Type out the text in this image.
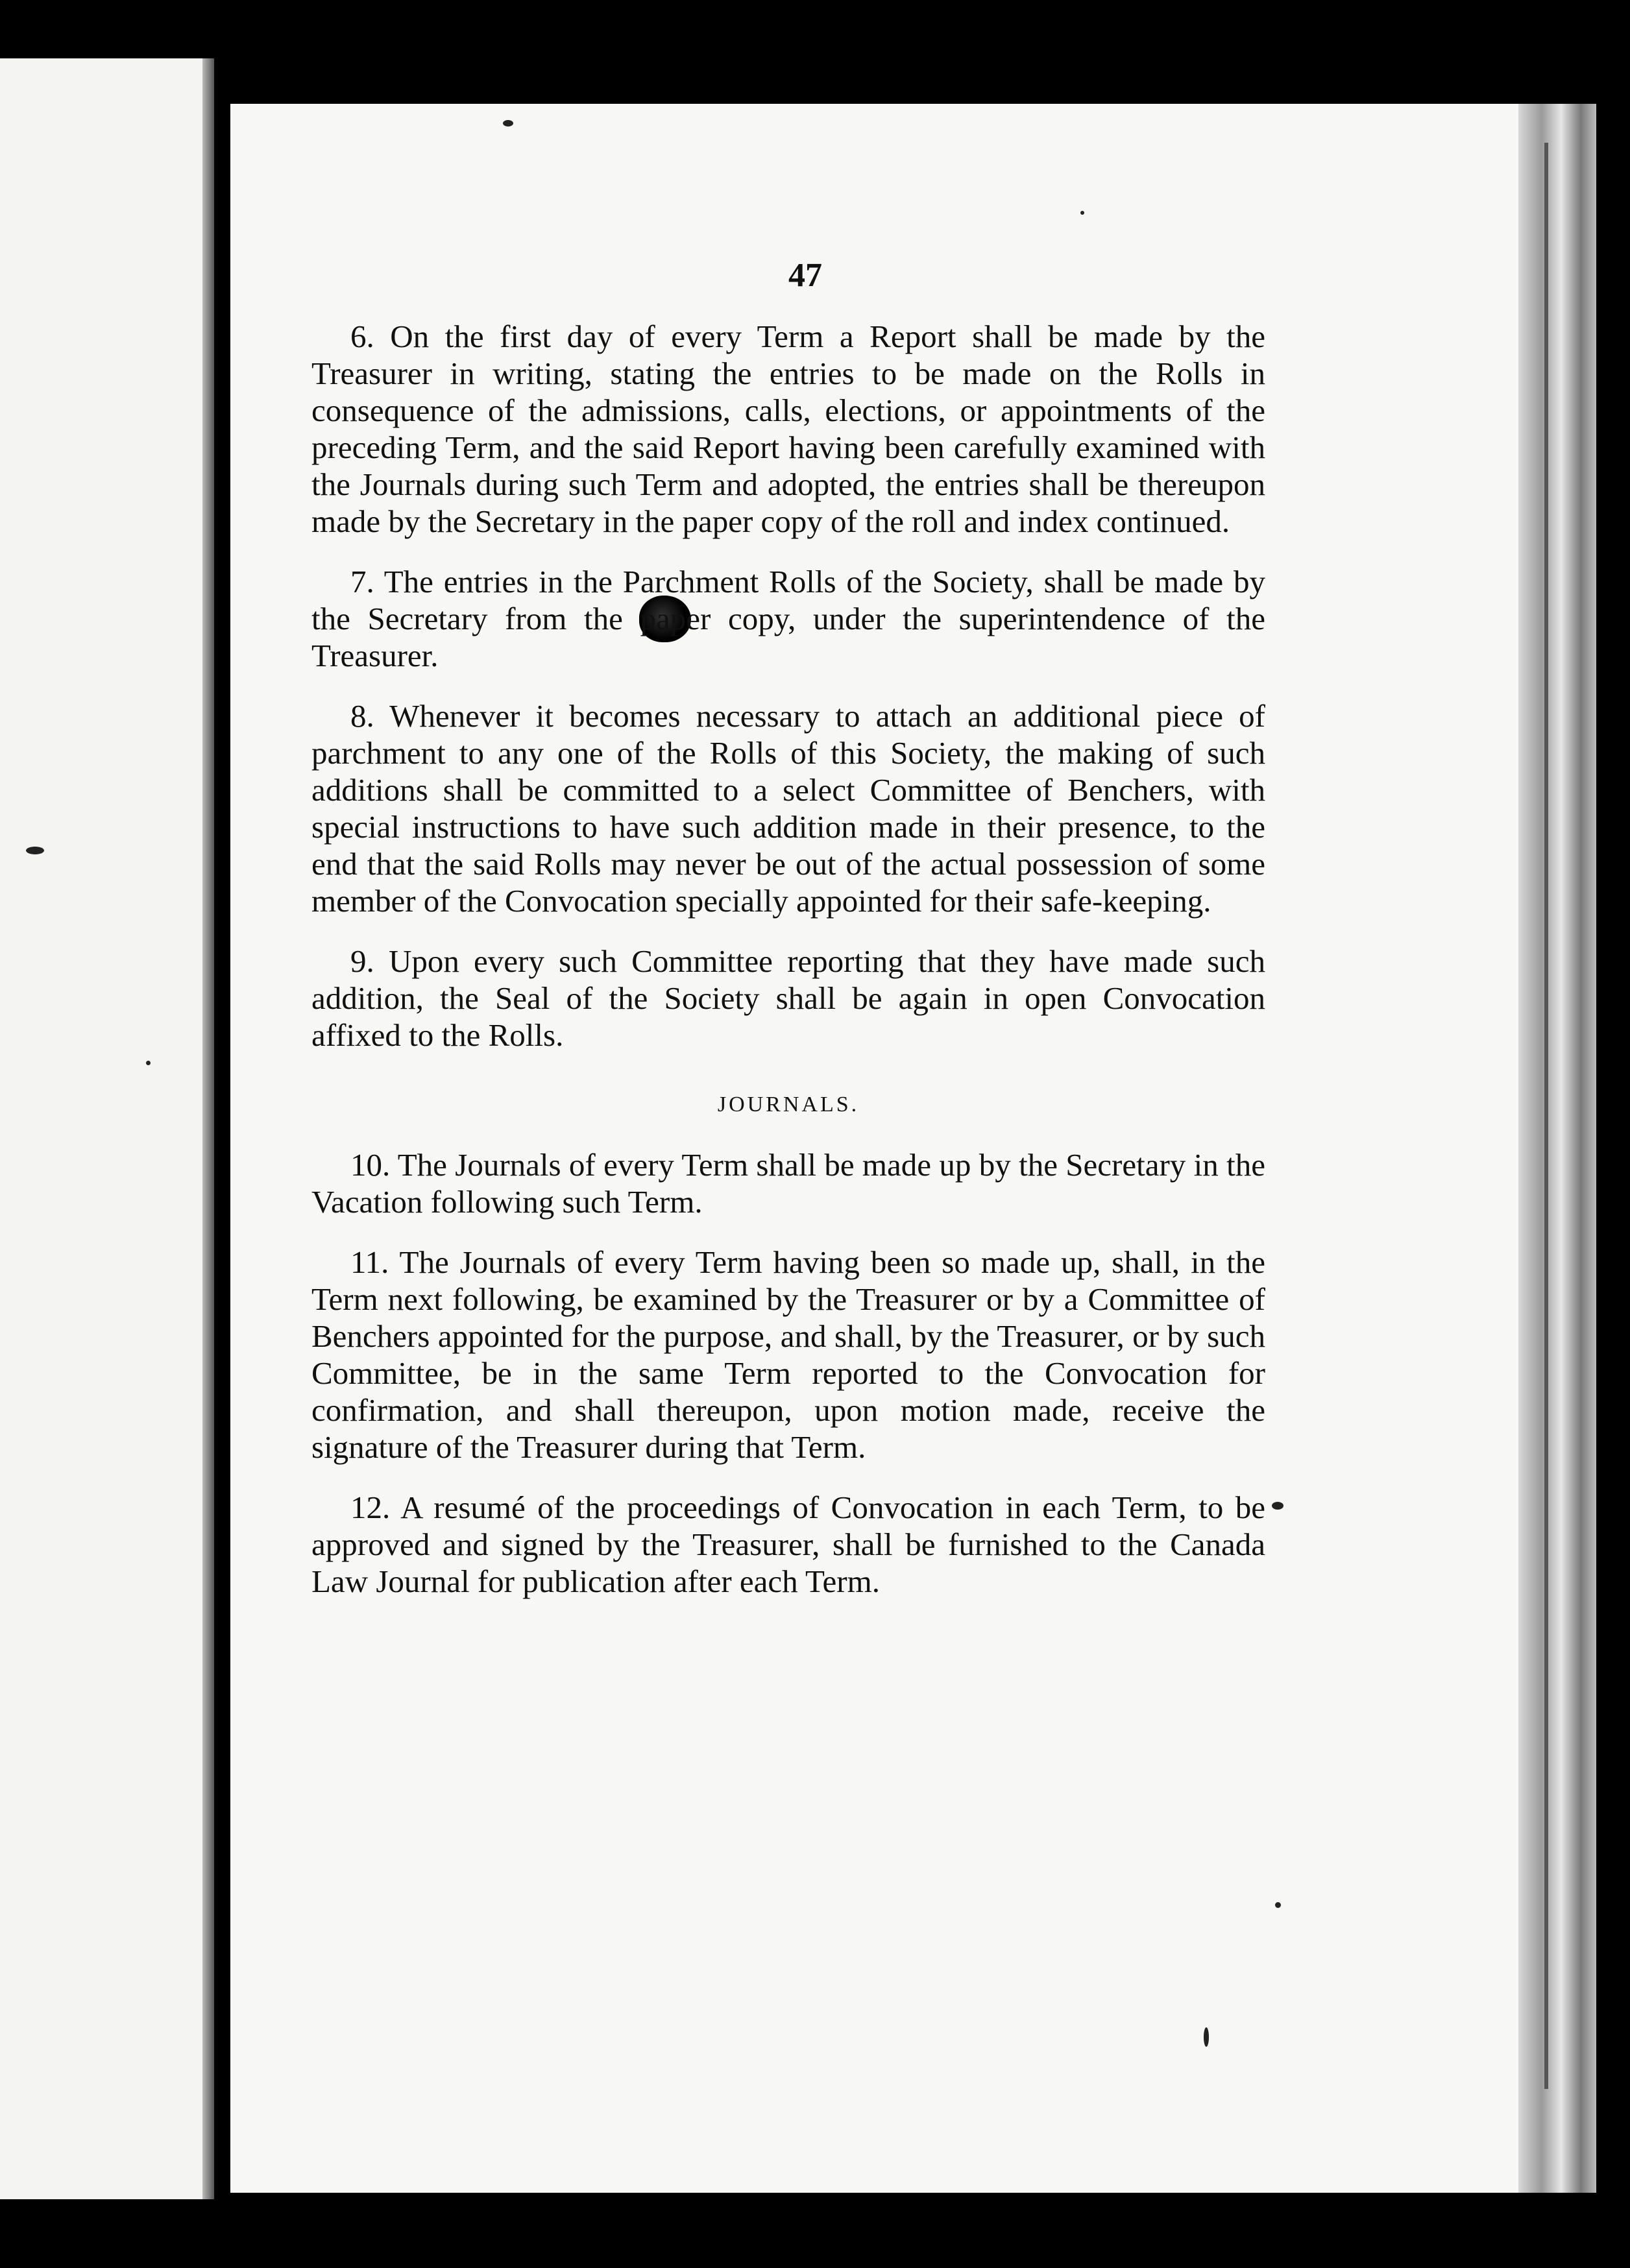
47

6. On the first day of every Term a Report shall be made by the Treasurer in writing, stating the entries to be made on the Rolls in consequence of the admissions, calls, elections, or appointments of the preceding Term, and the said Report having been carefully examined with the Journals during such Term and adopted, the entries shall be thereupon made by the Secretary in the paper copy of the roll and index continued.

7. The entries in the Parchment Rolls of the Society, shall be made by the Secretary from the paper copy, under the superintendence of the Treasurer.

8. Whenever it becomes necessary to attach an additional piece of parchment to any one of the Rolls of this Society, the making of such additions shall be committed to a select Committee of Benchers, with special instructions to have such addition made in their presence, to the end that the said Rolls may never be out of the actual possession of some member of the Convocation specially appointed for their safe-keeping.

9. Upon every such Committee reporting that they have made such addition, the Seal of the Society shall be again in open Convocation affixed to the Rolls.

JOURNALS.

10. The Journals of every Term shall be made up by the Secretary in the Vacation following such Term.

11. The Journals of every Term having been so made up, shall, in the Term next following, be examined by the Treasurer or by a Committee of Benchers appointed for the purpose, and shall, by the Treasurer, or by such Committee, be in the same Term reported to the Convocation for confirmation, and shall thereupon, upon motion made, receive the signature of the Treasurer during that Term.

12. A resumé of the proceedings of Convocation in each Term, to be approved and signed by the Treasurer, shall be furnished to the Canada Law Journal for publication after each Term.
